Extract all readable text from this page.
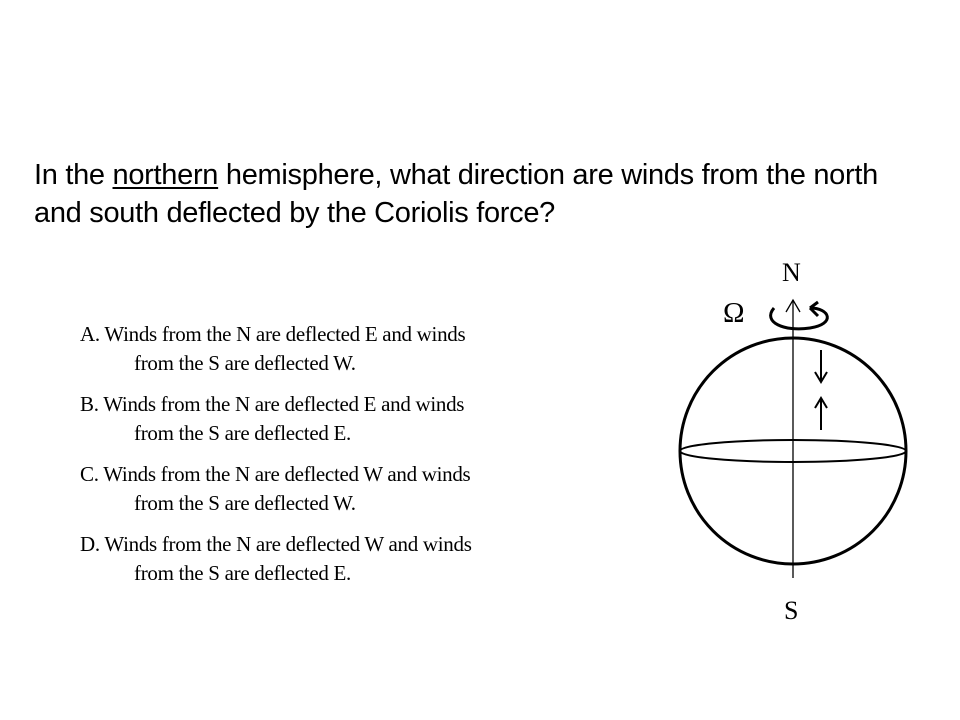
In the northern hemisphere, what direction are winds from the north and south deflected by the Coriolis force?
A. Winds from the N are deflected E and winds
from the S are deflected W.
B. Winds from the N are deflected E and winds
from the S are deflected E.
C. Winds from the N are deflected W and winds
from the S are deflected W.
D. Winds from the N are deflected W and winds
from the S are deflected E.
N
Ω
S
